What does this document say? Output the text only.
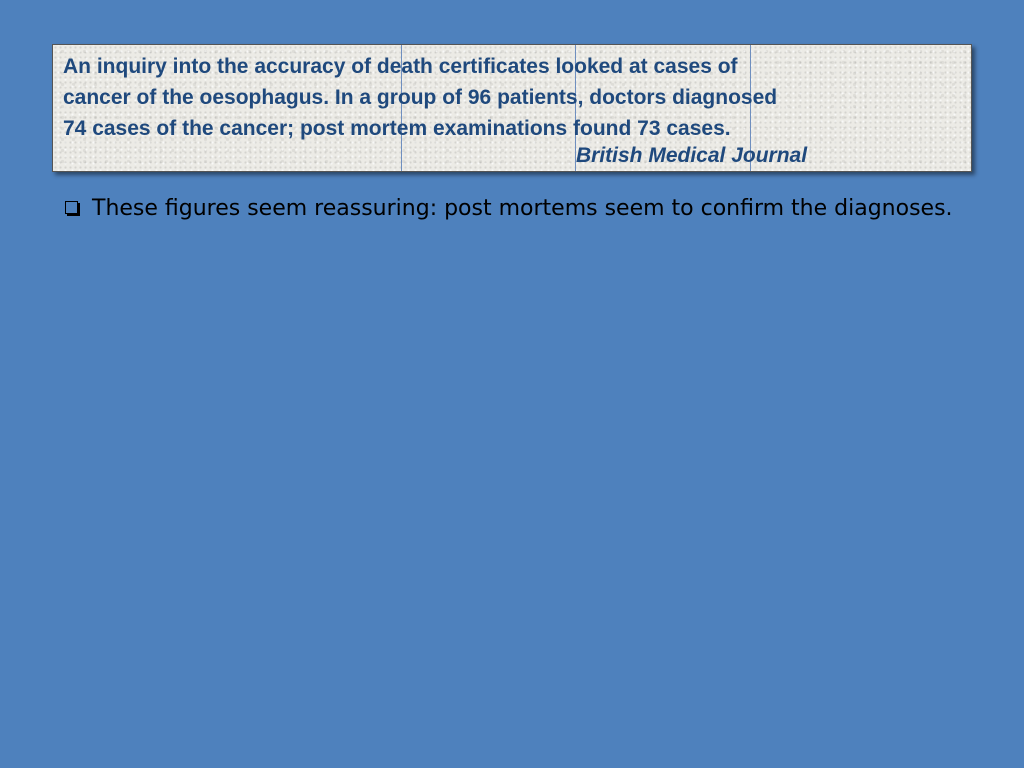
An inquiry into the accuracy of death certificates looked at cases of
cancer of the oesophagus. In a group of 96 patients, doctors diagnosed
74 cases of the cancer; post mortem examinations found 73 cases.

British Medical Journal
These figures seem reassuring: post mortems seem to confirm the diagnoses.
